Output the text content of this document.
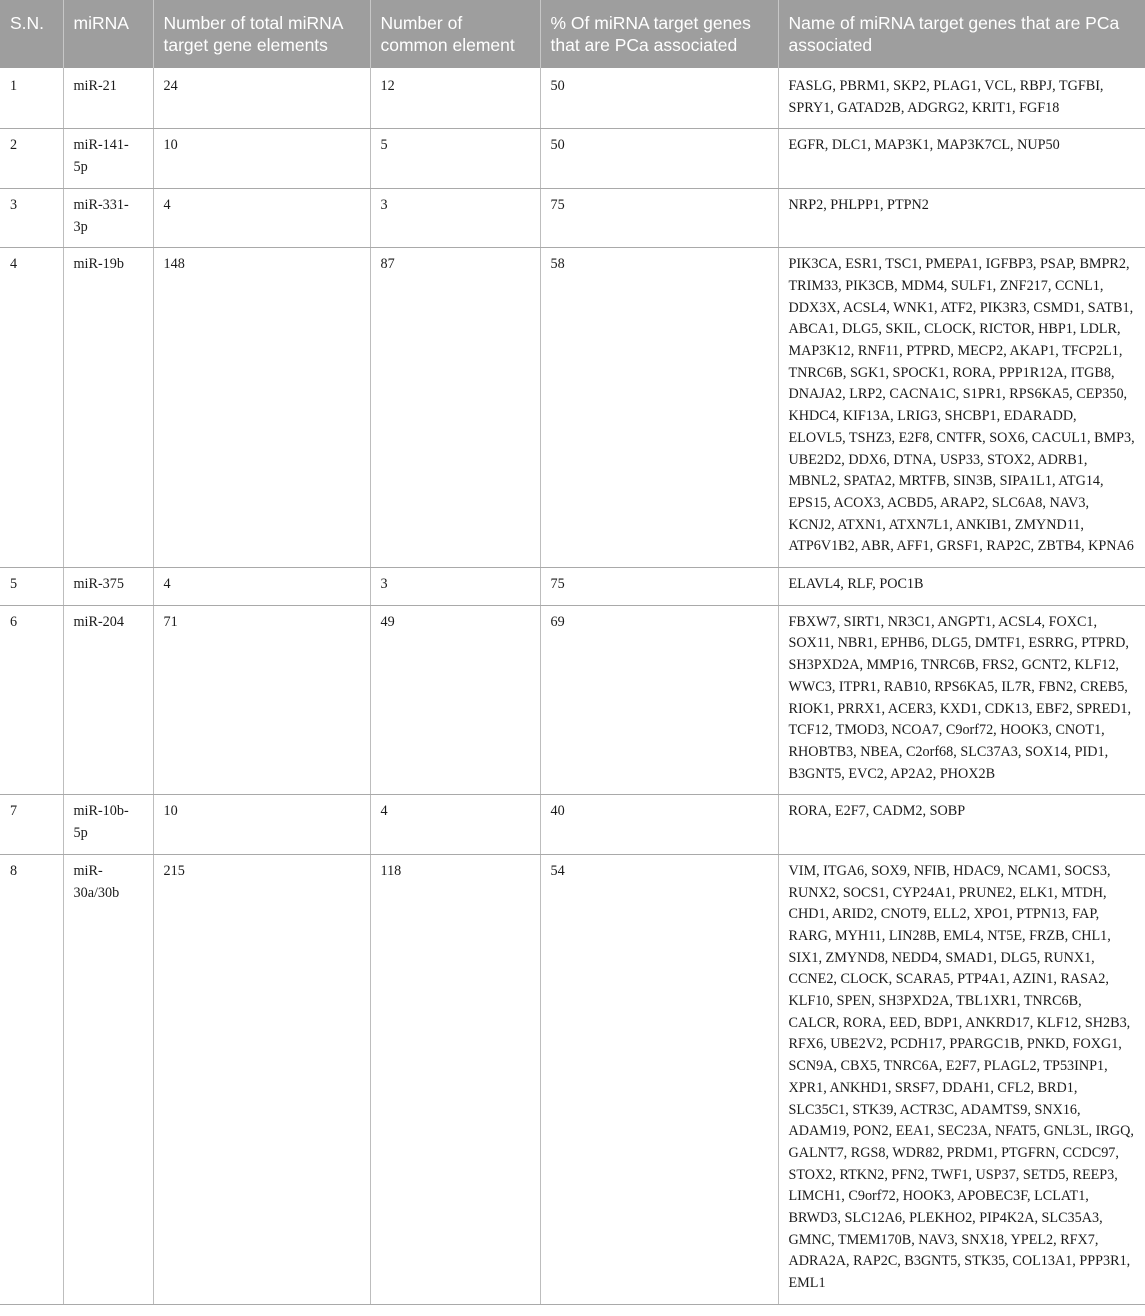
S.N.	miRNA	Number of total miRNA target gene elements	Number of common element	% Of miRNA target genes that are PCa associated	Name of miRNA target genes that are PCa associated
1	miR-21	24	12	50	FASLG, PBRM1, SKP2, PLAG1, VCL, RBPJ, TGFBI, SPRY1, GATAD2B, ADGRG2, KRIT1, FGF18
2	miR-141-5p	10	5	50	EGFR, DLC1, MAP3K1, MAP3K7CL, NUP50
3	miR-331-3p	4	3	75	NRP2, PHLPP1, PTPN2
4	miR-19b	148	87	58	PIK3CA, ESR1, TSC1, PMEPA1, IGFBP3, PSAP, BMPR2, TRIM33, PIK3CB, MDM4, SULF1, ZNF217, CCNL1, DDX3X, ACSL4, WNK1, ATF2, PIK3R3, CSMD1, SATB1, ABCA1, DLG5, SKIL, CLOCK, RICTOR, HBP1, LDLR, MAP3K12, RNF11, PTPRD, MECP2, AKAP1, TFCP2L1, TNRC6B, SGK1, SPOCK1, RORA, PPP1R12A, ITGB8, DNAJA2, LRP2, CACNA1C, S1PR1, RPS6KA5, CEP350, KHDC4, KIF13A, LRIG3, SHCBP1, EDARADD, ELOVL5, TSHZ3, E2F8, CNTFR, SOX6, CACUL1, BMP3, UBE2D2, DDX6, DTNA, USP33, STOX2, ADRB1, MBNL2, SPATA2, MRTFB, SIN3B, SIPA1L1, ATG14, EPS15, ACOX3, ACBD5, ARAP2, SLC6A8, NAV3, KCNJ2, ATXN1, ATXN7L1, ANKIB1, ZMYND11, ATP6V1B2, ABR, AFF1, GRSF1, RAP2C, ZBTB4, KPNA6
5	miR-375	4	3	75	ELAVL4, RLF, POC1B
6	miR-204	71	49	69	FBXW7, SIRT1, NR3C1, ANGPT1, ACSL4, FOXC1, SOX11, NBR1, EPHB6, DLG5, DMTF1, ESRRG, PTPRD, SH3PXD2A, MMP16, TNRC6B, FRS2, GCNT2, KLF12, WWC3, ITPR1, RAB10, RPS6KA5, IL7R, FBN2, CREB5, RIOK1, PRRX1, ACER3, KXD1, CDK13, EBF2, SPRED1, TCF12, TMOD3, NCOA7, C9orf72, HOOK3, CNOT1, RHOBTB3, NBEA, C2orf68, SLC37A3, SOX14, PID1, B3GNT5, EVC2, AP2A2, PHOX2B
7	miR-10b-5p	10	4	40	RORA, E2F7, CADM2, SOBP
8	miR-30a/30b	215	118	54	VIM, ITGA6, SOX9, NFIB, HDAC9, NCAM1, SOCS3, RUNX2, SOCS1, CYP24A1, PRUNE2, ELK1, MTDH, CHD1, ARID2, CNOT9, ELL2, XPO1, PTPN13, FAP, RARG, MYH11, LIN28B, EML4, NT5E, FRZB, CHL1, SIX1, ZMYND8, NEDD4, SMAD1, DLG5, RUNX1, CCNE2, CLOCK, SCARA5, PTP4A1, AZIN1, RASA2, KLF10, SPEN, SH3PXD2A, TBL1XR1, TNRC6B, CALCR, RORA, EED, BDP1, ANKRD17, KLF12, SH2B3, RFX6, UBE2V2, PCDH17, PPARGC1B, PNKD, FOXG1, SCN9A, CBX5, TNRC6A, E2F7, PLAGL2, TP53INP1, XPR1, ANKHD1, SRSF7, DDAH1, CFL2, BRD1, SLC35C1, STK39, ACTR3C, ADAMTS9, SNX16, ADAM19, PON2, EEA1, SEC23A, NFAT5, GNL3L, IRGQ, GALNT7, RGS8, WDR82, PRDM1, PTGFRN, CCDC97, STOX2, RTKN2, PFN2, TWF1, USP37, SETD5, REEP3, LIMCH1, C9orf72, HOOK3, APOBEC3F, LCLAT1, BRWD3, SLC12A6, PLEKHO2, PIP4K2A, SLC35A3, GMNC, TMEM170B, NAV3, SNX18, YPEL2, RFX7, ADRA2A, RAP2C, B3GNT5, STK35, COL13A1, PPP3R1, EML1
